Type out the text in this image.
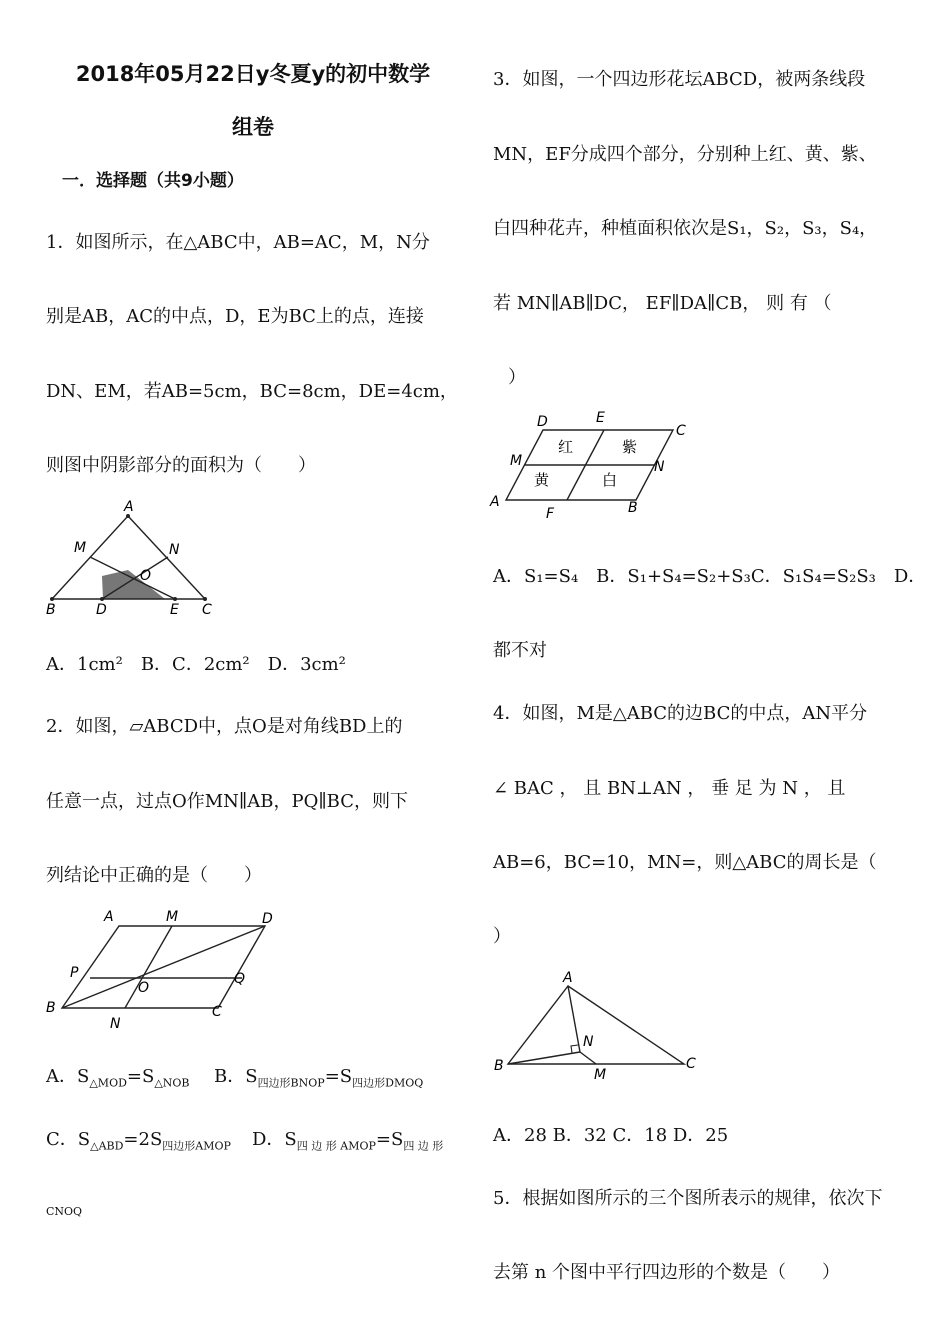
2018年05月22日y冬夏y的初中数学
组卷
一．选择题（共9小题）
1．如图所示，在△ABC中，AB=AC，M，N分
别是AB，AC的中点，D，E为BC上的点，连接
DN、EM，若AB=5cm，BC=8cm，DE=4cm，
则图中阴影部分的面积为（　　）
A
M	N
O
B	D	E C
A．1cm²　B．C．2cm²　D．3cm²
2．如图，▱ABCD中，点O是对角线BD上的
任意一点，过点O作MN∥AB，PQ∥BC，则下
列结论中正确的是（　　）
A	M	D
P
O
Q
B
N
C
A．$S_{\triangle MOD}=S_{\triangle NOB}$ B．$S_{四边形BNOP}=S_{四边形DMOQ}$
C．$S_{\triangle ABD}=2S_{四边形AMOP}$ D．$S_{四 边 形 AMOP}=S_{四 边 形}$
CNOQ
3．如图，一个四边形花坛ABCD，被两条线段
MN，EF分成四个部分，分别种上红、黄、紫、
白四种花卉，种植面积依次是S₁，S₂，S₃，S₄，
若 MN∥AB∥DC， EF∥DA∥CB， 则 有 （
）
D	E
C
M	N
A
F	B
红	紫
黄	白
A．S₁=S₄　B．S₁+S₄=S₂+S₃C．S₁S₄=S₂S₃　D．
都不对
4．如图，M是△ABC的边BC的中点，AN平分
∠ BAC ， 且 BN⊥AN ， 垂 足 为 N ， 且
AB=6，BC=10，MN=，则△ABC的周长是（
）
A
N
B
M
C
A．28 B．32 C．18 D．25
5．根据如图所示的三个图所表示的规律，依次下
去第 n 个图中平行四边形的个数是（　　）
